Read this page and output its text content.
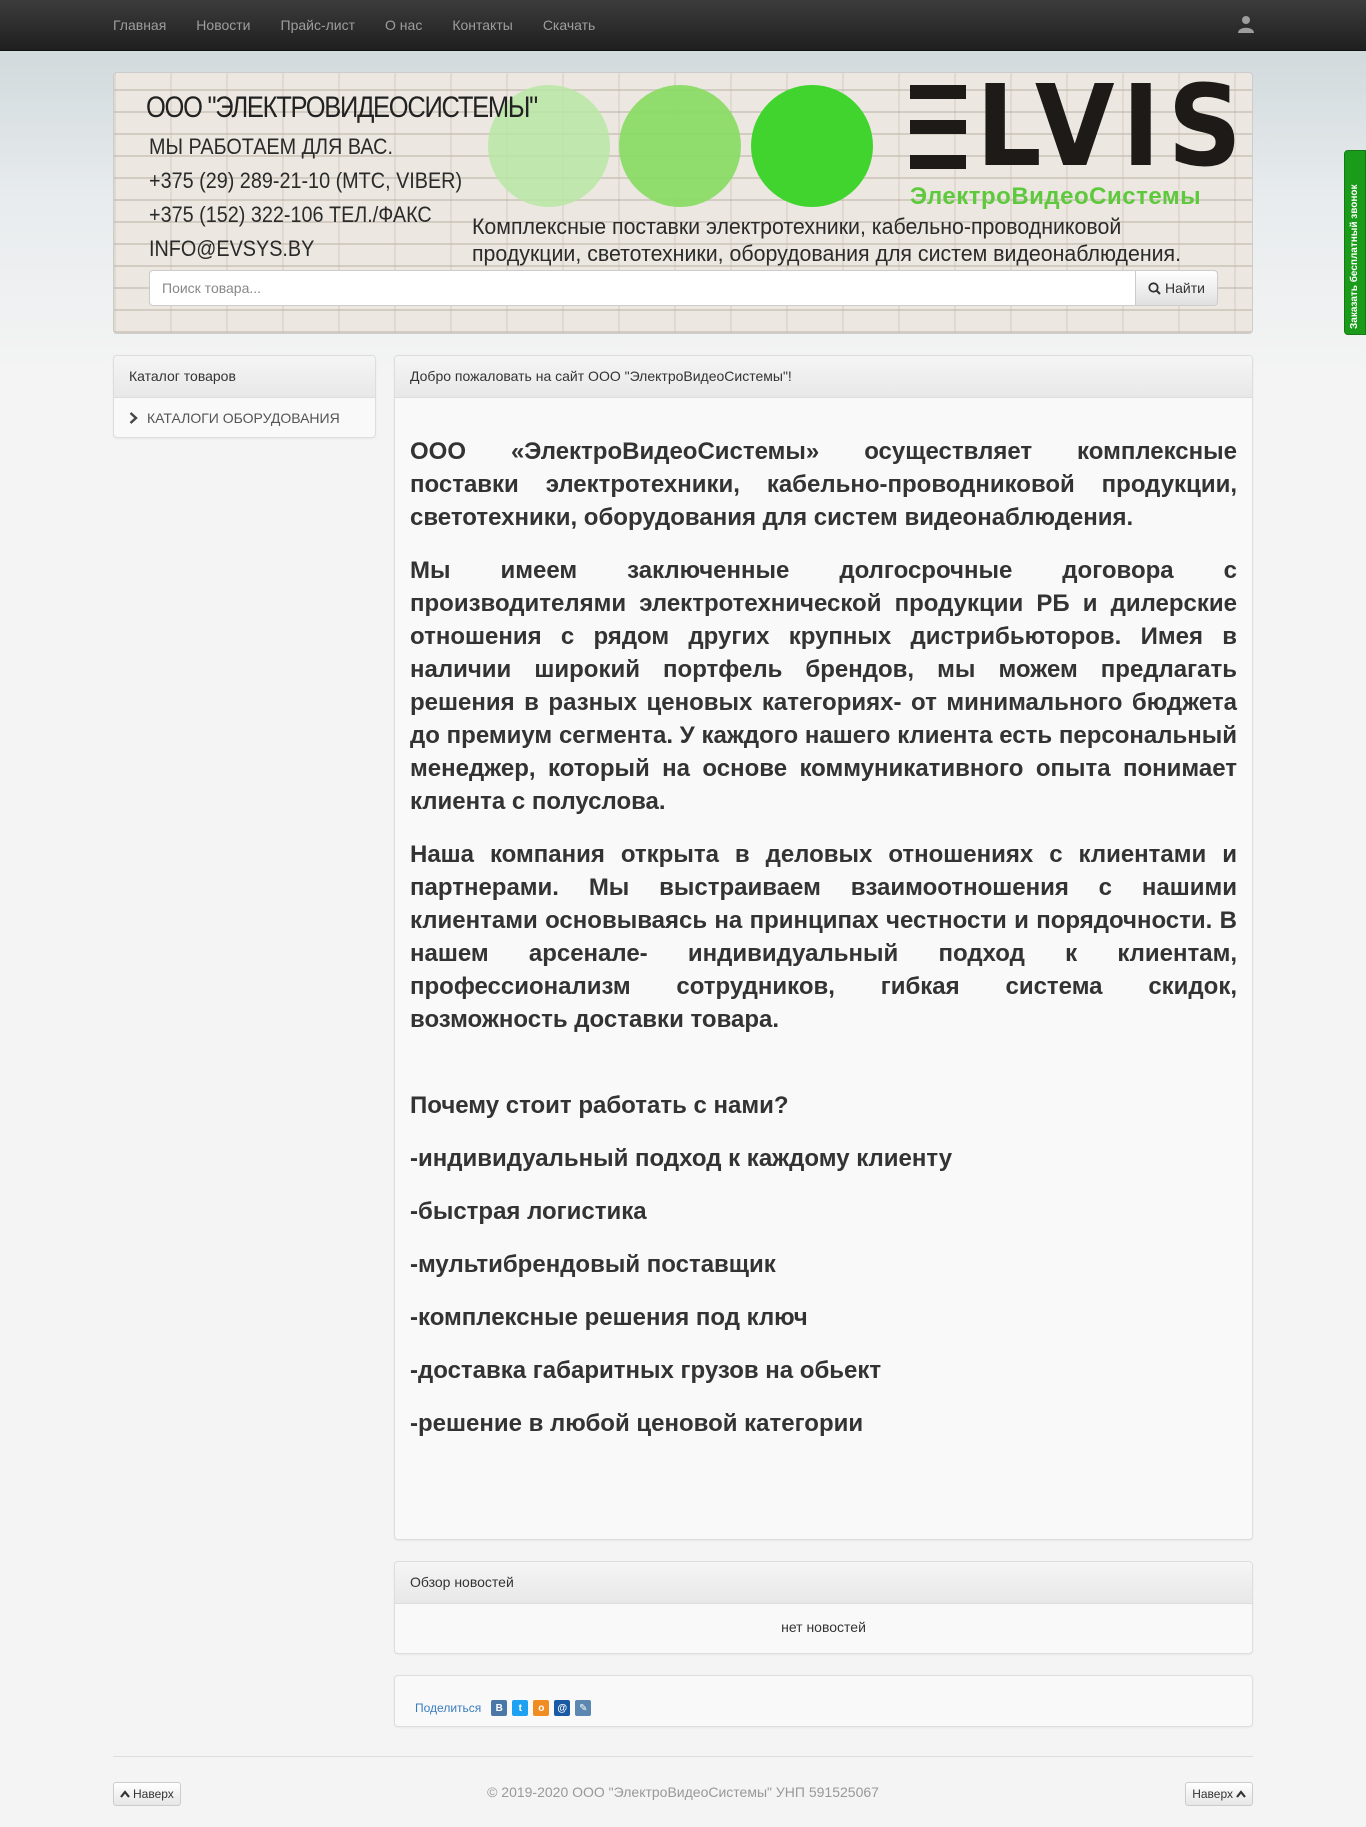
Главная Новости Прайс-лист О нас Контакты Скачать
LVIS
ЭлектроВидеоСистемы
ООО "ЭЛЕКТРОВИДЕОСИСТЕМЫ"
МЫ РАБОТАЕМ ДЛЯ ВАС.
+375 (29) 289-21-10 (МТС, VIBER)
+375 (152) 322-106 ТЕЛ./ФАКС
INFO@EVSYS.BY
Комплексные поставки электротехники, кабельно-проводниковой
продукции, светотехники, оборудования для систем видеонаблюдения.
Поиск товара...
Найти
Каталог товаров
КАТАЛОГИ ОБОРУДОВАНИЯ
Добро пожаловать на сайт ООО "ЭлектроВидеоСистемы"!

ООО «ЭлектроВидеоСистемы» осуществляет комплексные поставки электротехники, кабельно-проводниковой продукции, светотехники, оборудования для систем видеонаблюдения.

Мы имеем заключенные долгосрочные договора с производителями электротехнической продукции РБ и дилерские отношения с рядом других крупных дистрибьюторов. Имея в наличии широкий портфель брендов, мы можем предлагать решения в разных ценовых категориях- от минимального бюджета до премиум сегмента. У каждого нашего клиента есть персональный менеджер, который на основе коммуникативного опыта понимает клиента с полуслова.

Наша компания открыта в деловых отношениях с клиентами и партнерами. Мы выстраиваем взаимоотношения с нашими клиентами основываясь на принципах честности и порядочности. В нашем арсенале- индивидуальный подход к клиентам, профессионализм сотрудников, гибкая система скидок, возможность доставки товара.

Почему стоит работать с нами?
-индивидуальный подход к каждому клиенту
-быстрая логистика
-мультибрендовый поставщик
-комплексные решения под ключ
-доставка габаритных грузов на обьект
-решение в любой ценовой категории
Обзор новостей
нет новостей
Поделиться	В	t	о	@	✎
Наверх	© 2019-2020 ООО "ЭлектроВидеоСистемы" УНП 591525067	Наверх
Заказать бесплатный звонок
